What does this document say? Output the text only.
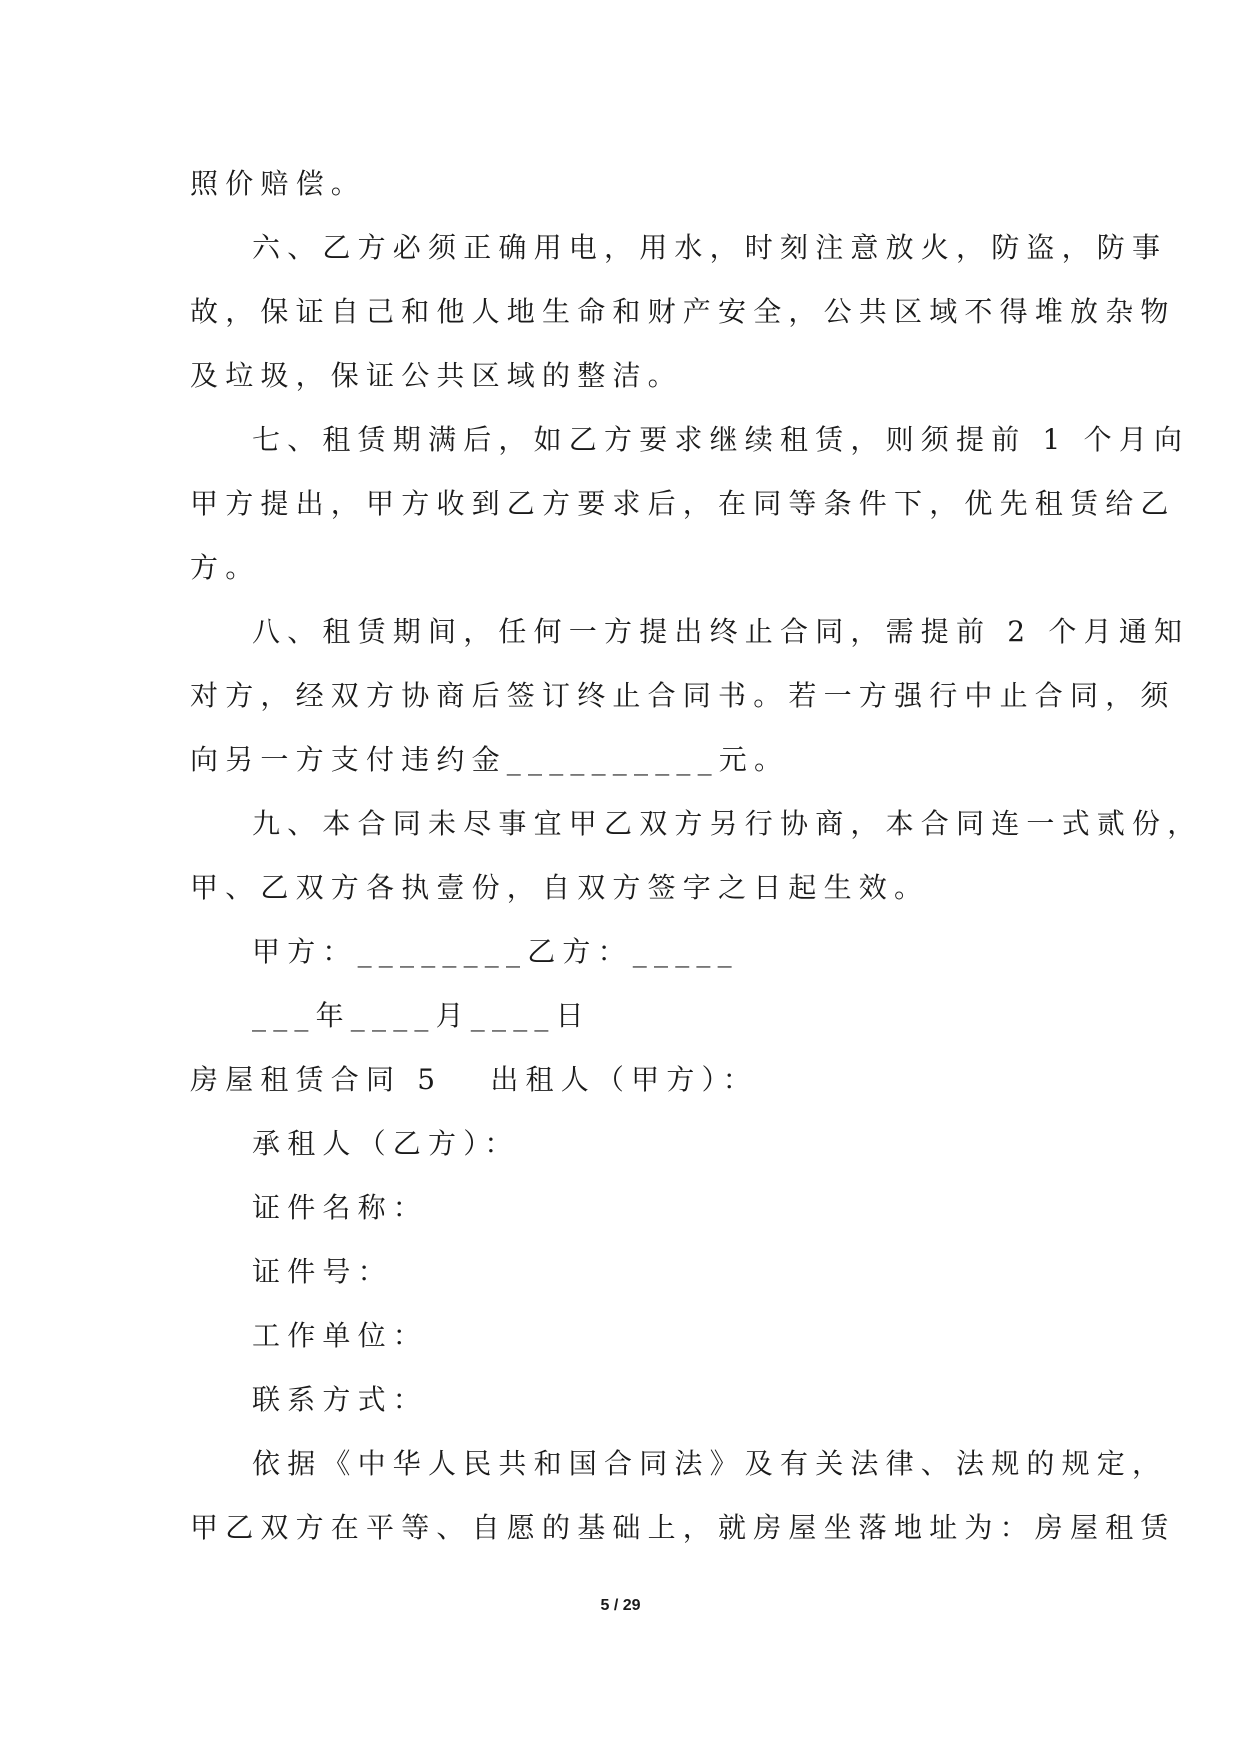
照价赔偿。
六、乙方必须正确用电，用水，时刻注意放火，防盗，防事
故，保证自己和他人地生命和财产安全，公共区域不得堆放杂物
及垃圾，保证公共区域的整洁。
七、租赁期满后，如乙方要求继续租赁，则须提前 1 个月向
甲方提出，甲方收到乙方要求后，在同等条件下，优先租赁给乙
方。
八、租赁期间，任何一方提出终止合同，需提前 2 个月通知
对方，经双方协商后签订终止合同书。若一方强行中止合同，须
向另一方支付违约金__________元。
九、本合同未尽事宜甲乙双方另行协商，本合同连一式贰份，
甲、乙双方各执壹份，自双方签字之日起生效。
甲方：________乙方：_____
___年____月____日
房屋租赁合同 5 出租人（甲方）：
承租人（乙方）：
证件名称：
证件号：
工作单位：
联系方式：
依据《中华人民共和国合同法》及有关法律、法规的规定，
甲乙双方在平等、自愿的基础上，就房屋坐落地址为：房屋租赁
5 / 29
